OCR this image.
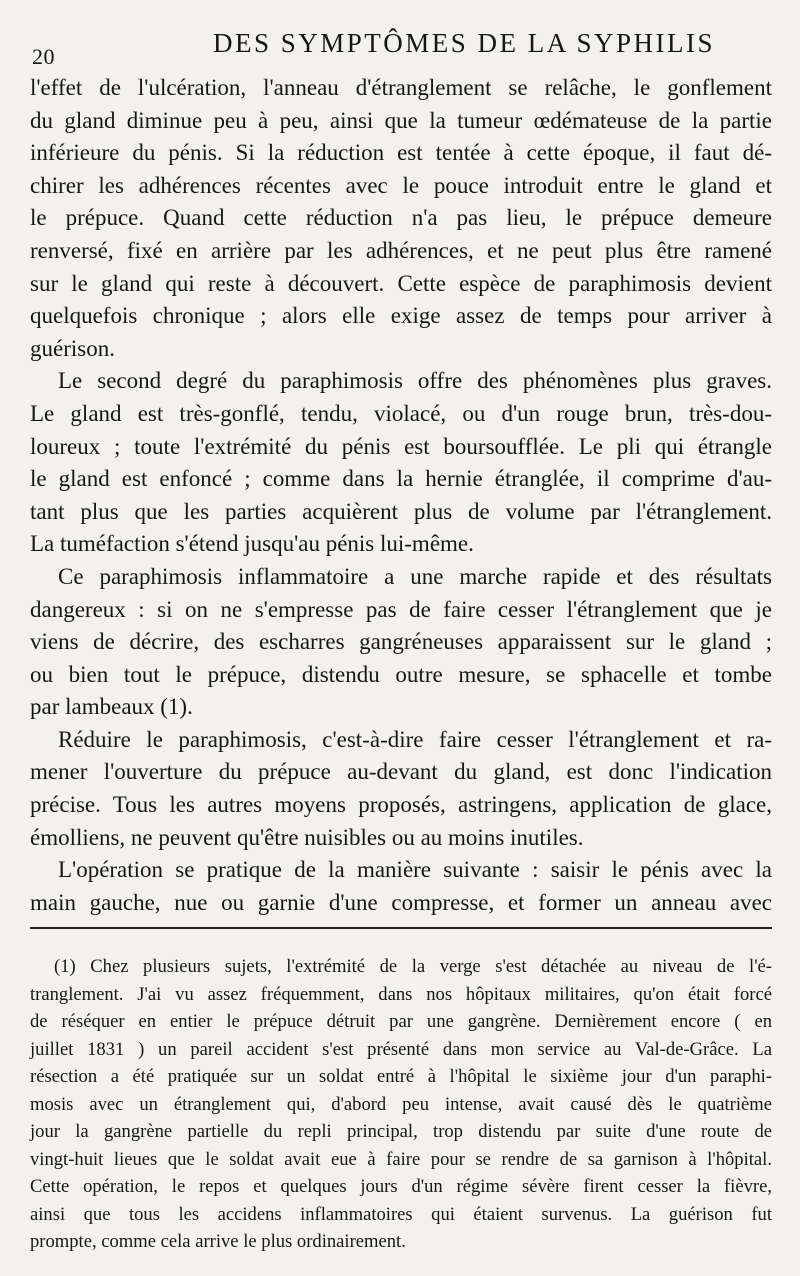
20	DES SYMPTÔMES DE LA SYPHILIS
l'effet de l'ulcération, l'anneau d'étranglement se relâche, le gonflement
du gland diminue peu à peu, ainsi que la tumeur œdémateuse de la partie
inférieure du pénis. Si la réduction est tentée à cette époque, il faut dé-
chirer les adhérences récentes avec le pouce introduit entre le gland et
le prépuce. Quand cette réduction n'a pas lieu, le prépuce demeure
renversé, fixé en arrière par les adhérences, et ne peut plus être ramené
sur le gland qui reste à découvert. Cette espèce de paraphimosis devient
quelquefois chronique ; alors elle exige assez de temps pour arriver à
guérison.
Le second degré du paraphimosis offre des phénomènes plus graves.
Le gland est très-gonflé, tendu, violacé, ou d'un rouge brun, très-dou-
loureux ; toute l'extrémité du pénis est boursoufflée. Le pli qui étrangle
le gland est enfoncé ; comme dans la hernie étranglée, il comprime d'au-
tant plus que les parties acquièrent plus de volume par l'étranglement.
La tuméfaction s'étend jusqu'au pénis lui-même.
Ce paraphimosis inflammatoire a une marche rapide et des résultats
dangereux : si on ne s'empresse pas de faire cesser l'étranglement que je
viens de décrire, des escharres gangréneuses apparaissent sur le gland ;
ou bien tout le prépuce, distendu outre mesure, se sphacelle et tombe
par lambeaux (1).
Réduire le paraphimosis, c'est-à-dire faire cesser l'étranglement et ra-
mener l'ouverture du prépuce au-devant du gland, est donc l'indication
précise. Tous les autres moyens proposés, astringens, application de glace,
émolliens, ne peuvent qu'être nuisibles ou au moins inutiles.
L'opération se pratique de la manière suivante : saisir le pénis avec la
main gauche, nue ou garnie d'une compresse, et former un anneau avec
(1) Chez plusieurs sujets, l'extrémité de la verge s'est détachée au niveau de l'é-
tranglement. J'ai vu assez fréquemment, dans nos hôpitaux militaires, qu'on était forcé
de réséquer en entier le prépuce détruit par une gangrène. Dernièrement encore ( en
juillet 1831 ) un pareil accident s'est présenté dans mon service au Val-de-Grâce. La
résection a été pratiquée sur un soldat entré à l'hôpital le sixième jour d'un paraphi-
mosis avec un étranglement qui, d'abord peu intense, avait causé dès le quatrième
jour la gangrène partielle du repli principal, trop distendu par suite d'une route de
vingt-huit lieues que le soldat avait eue à faire pour se rendre de sa garnison à l'hôpital.
Cette opération, le repos et quelques jours d'un régime sévère firent cesser la fièvre,
ainsi que tous les accidens inflammatoires qui étaient survenus. La guérison fut
prompte, comme cela arrive le plus ordinairement.
